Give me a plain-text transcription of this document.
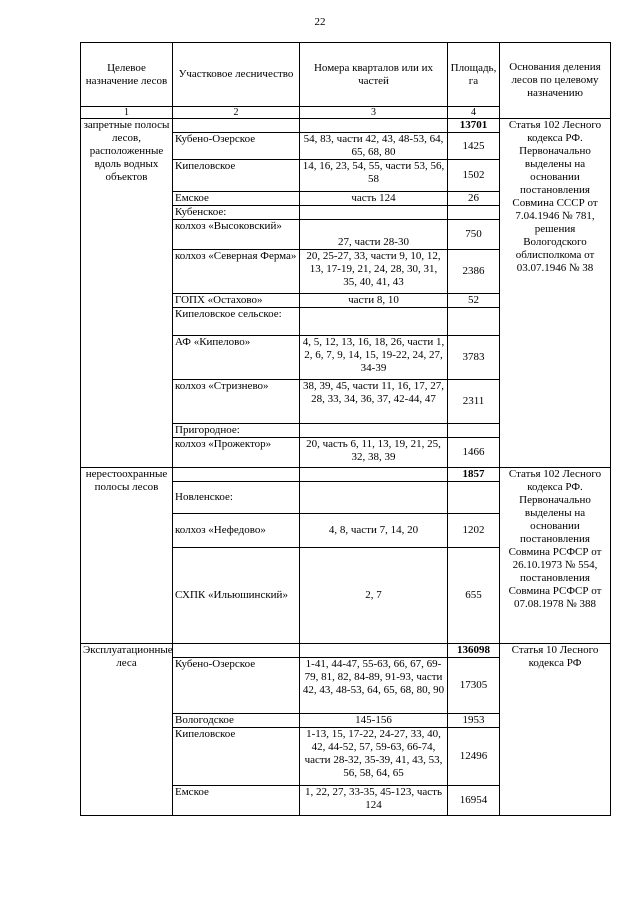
22
Целевое назначение лесов	Участковое лесничество	Номера кварталов или их частей	Площадь, га	Основания деления лесов по целевому назначению
1	2	3	4	
запретные полосы лесов, расположенные вдоль водных объектов			13701	Статья 102 Лесного кодекса РФ. Первоначально выделены на основании постановления Совмина СССР от 7.04.1946 № 781, решения Вологодского облисполкома от 03.07.1946 № 38
	Кубено-Озерское	54, 83, части 42, 43, 48-53, 64, 65, 68, 80	1425	
	Кипеловское	14, 16, 23, 54, 55, части 53, 56, 58	1502	
	Емское	часть 124	26	
	Кубенское:			
	колхоз «Высоковский»	27, части 28-30	750	
	колхоз «Северная Ферма»	20, 25-27, 33, части 9, 10, 12, 13, 17-19, 21, 24, 28, 30, 31, 35, 40, 41, 43	2386	
	ГОПХ «Остахово»	части 8, 10	52	
	Кипеловское сельское:			
	АФ «Кипелово»	4, 5, 12, 13, 16, 18, 26, части 1, 2, 6, 7, 9, 14, 15, 19-22, 24, 27, 34-39	3783	
	колхоз «Стризнево»	38, 39, 45, части 11, 16, 17, 27, 28, 33, 34, 36, 37, 42-44, 47	2311	
	Пригородное:			
	колхоз «Прожектор»	20, часть 6, 11, 13, 19, 21, 25, 32, 38, 39	1466	
нерестоохранные полосы лесов			1857	Статья 102 Лесного кодекса РФ. Первоначально выделены на основании постановления Совмина РСФСР от 26.10.1973 № 554, постановления Совмина РСФСР от 07.08.1978 № 388
	Новленское:			
	колхоз «Нефедово»	4, 8, части 7, 14, 20	1202	
	СХПК «Ильюшинский»	2, 7	655	
Эксплуатационные леса			136098	Статья 10 Лесного кодекса РФ
	Кубено-Озерское	1-41, 44-47, 55-63, 66, 67, 69-79, 81, 82, 84-89, 91-93, части 42, 43, 48-53, 64, 65, 68, 80, 90	17305	
	Вологодское	145-156	1953	
	Кипеловское	1-13, 15, 17-22, 24-27, 33, 40, 42, 44-52, 57, 59-63, 66-74, части 28-32, 35-39, 41, 43, 53, 56, 58, 64, 65	12496	
	Емское	1, 22, 27, 33-35, 45-123, часть 124	16954	
